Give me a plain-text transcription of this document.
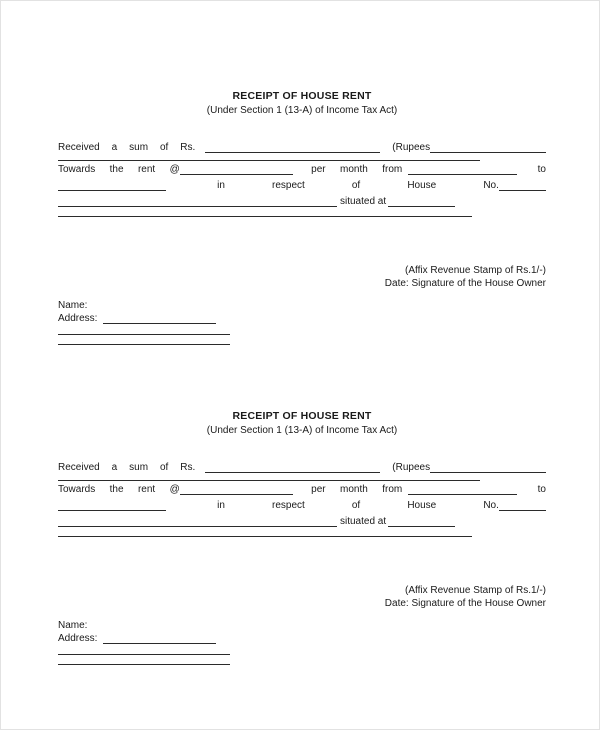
RECEIPT OF HOUSE RENT
(Under Section 1 (13-A) of Income Tax Act)
Received a sum of Rs.	(Rupees
Towards the rent @	per month from	to
in	respect	of	House	No.
situated at
(Affix Revenue Stamp of Rs.1/-)
Date: Signature of the House Owner
Name:
Address:
RECEIPT OF HOUSE RENT
(Under Section 1 (13-A) of Income Tax Act)
Received a sum of Rs.	(Rupees
Towards the rent @	per month from	to
in	respect	of	House	No.
situated at
(Affix Revenue Stamp of Rs.1/-)
Date: Signature of the House Owner
Name:
Address:
